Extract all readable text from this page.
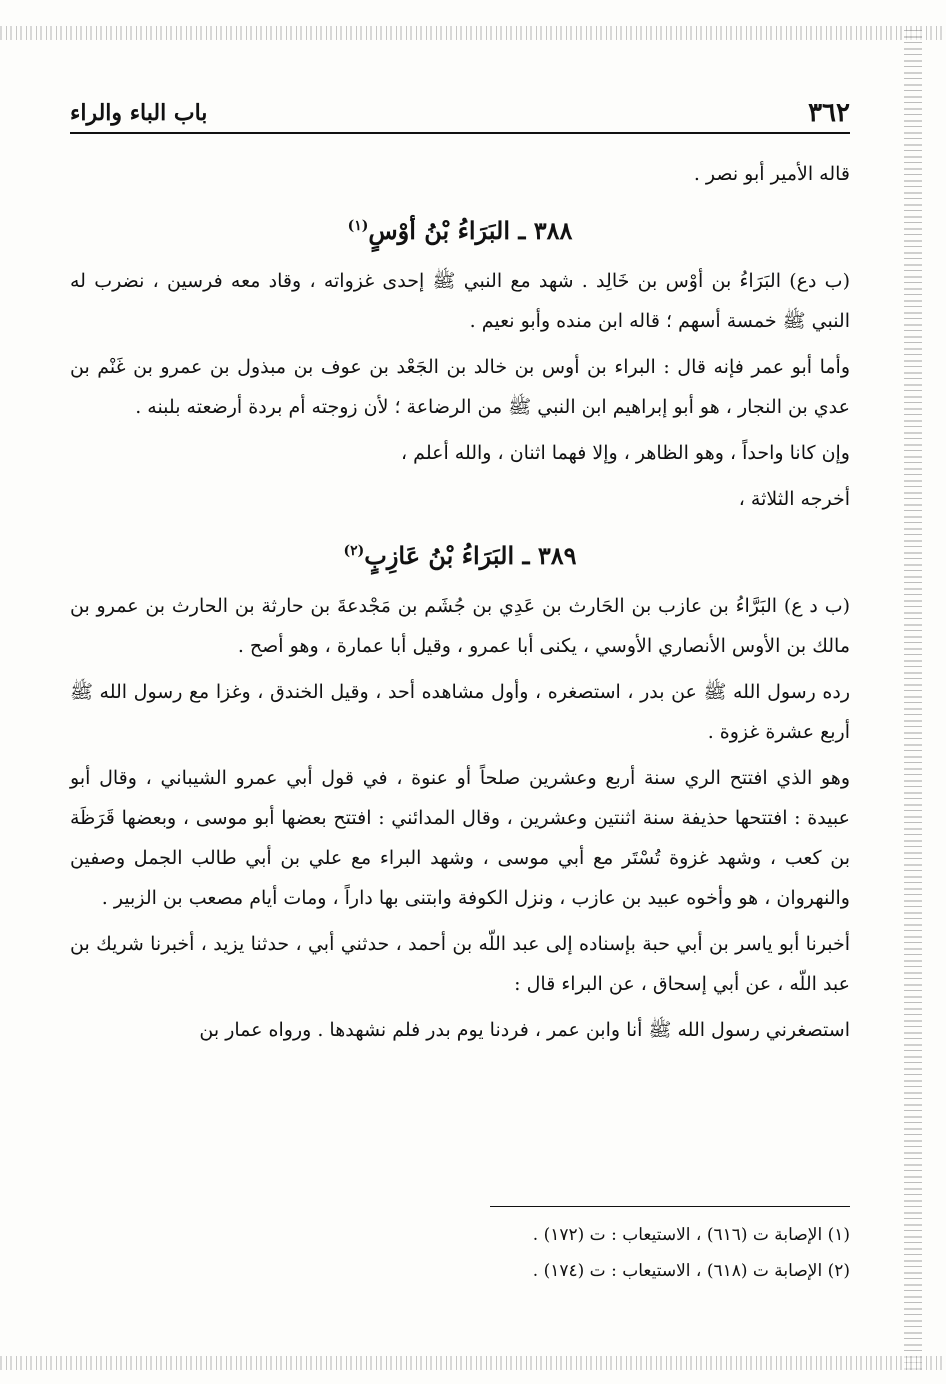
٣٦٢
باب الباء والراء

قاله الأمير أبو نصر .

٣٨٨ ـ البَرَاءُ بْنُ أوْسٍ$^{(١)}$

(ب دع) البَرَاءُ بن أوْس بن خَالِد . شهد مع النبي ﷺ إحدى غزواته ، وقاد معه فرسين ، نضرب له النبي ﷺ خمسة أسهم ؛ قاله ابن منده وأبو نعيم .

وأما أبو عمر فإنه قال : البراء بن أوس بن خالد بن الجَعْد بن عوف بن مبذول بن عمرو بن غَنْم بن عدي بن النجار ، هو أبو إبراهيم ابن النبي ﷺ من الرضاعة ؛ لأن زوجته أم بردة أرضعته بلبنه .

وإن كانا واحداً ، وهو الظاهر ، وإلا فهما اثنان ، والله أعلم ،

أخرجه الثلاثة ،

٣٨٩ ـ البَرَاءُ بْنُ عَازِبٍ$^{(٢)}$

(ب د ع) البَرَّاءُ بن عازب بن الحَارث بن عَدِي بن جُشَم بن مَجْدعةَ بن حارثة بن الحارث بن عمرو بن مالك بن الأوس الأنصاري الأوسي ، يكنى أبا عمرو ، وقيل أبا عمارة ، وهو أصح .

رده رسول الله ﷺ عن بدر ، استصغره ، وأول مشاهده أحد ، وقيل الخندق ، وغزا مع رسول الله ﷺ أربع عشرة غزوة .

وهو الذي افتتح الري سنة أربع وعشرين صلحاً أو عنوة ، في قول أبي عمرو الشيباني ، وقال أبو عبيدة : افتتحها حذيفة سنة اثنتين وعشرين ، وقال المدائني : افتتح بعضها أبو موسى ، وبعضها قَرَظَة بن كعب ، وشهد غزوة تُسْتَر مع أبي موسى ، وشهد البراء مع علي بن أبي طالب الجمل وصفين والنهروان ، هو وأخوه عبيد بن عازب ، ونزل الكوفة وابتنى بها داراً ، ومات أيام مصعب بن الزبير .

أخبرنا أبو ياسر بن أبي حبة بإسناده إلى عبد اللّه بن أحمد ، حدثني أبي ، حدثنا يزيد ، أخبرنا شريك بن عبد اللّه ، عن أبي إسحاق ، عن البراء قال :

استصغرني رسول الله ﷺ أنا وابن عمر ، فردنا يوم بدر فلم نشهدها . ورواه عمار بن

(١) الإصابة ت (٦١٦) ، الاستيعاب : ت (١٧٢) .

(٢) الإصابة ت (٦١٨) ، الاستيعاب : ت (١٧٤) .
